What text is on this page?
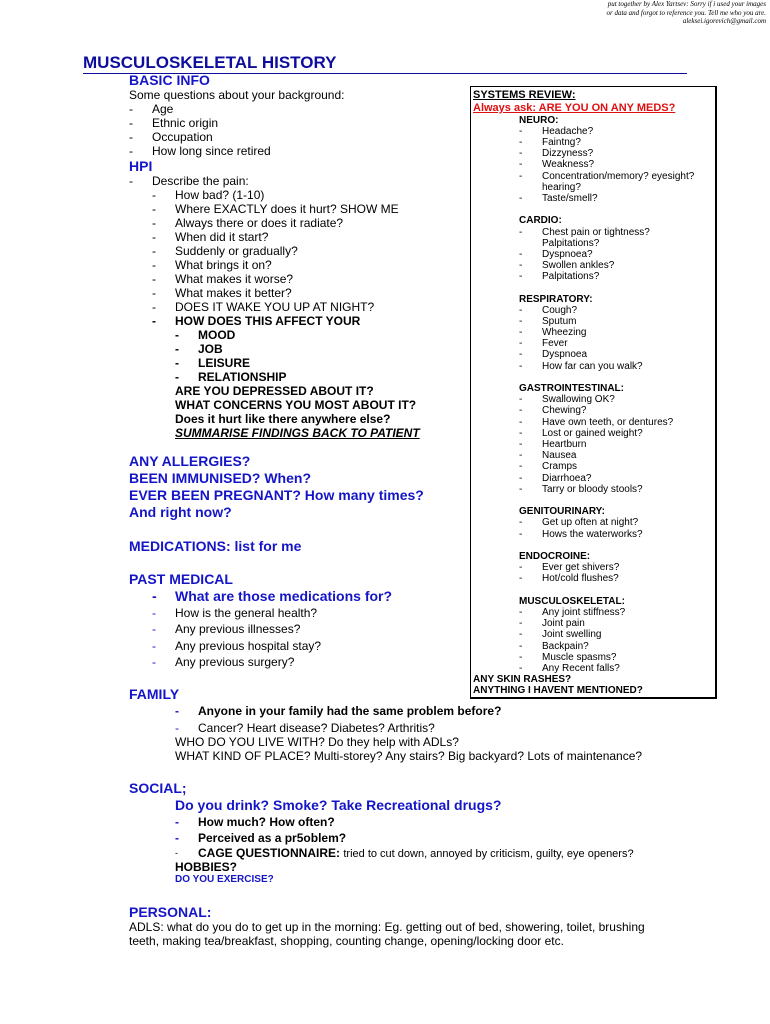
put together by Alex Yartsev: Sorry if i used your images
or data and forgot to reference you. Tell me who you are.
aleksei.igorevich@gmail.com
MUSCULOSKELETAL HISTORY
BASIC INFO
Some questions about your background:
- Age
- Ethnic origin
- Occupation
- How long since retired
HPI
- Describe the pain:
- How bad? (1-10)
- Where EXACTLY does it hurt? SHOW ME
- Always there or does it radiate?
- When did it start?
- Suddenly or gradually?
- What brings it on?
- What makes it worse?
- What makes it better?
- DOES IT WAKE YOU UP AT NIGHT?
- HOW DOES THIS AFFECT YOUR
- MOOD
- JOB
- LEISURE
- RELATIONSHIP
ARE YOU DEPRESSED ABOUT IT?
WHAT CONCERNS YOU MOST ABOUT IT?
Does it hurt like there anywhere else?
SUMMARISE FINDINGS BACK TO PATIENT
ANY ALLERGIES?
BEEN IMMUNISED? When?
EVER BEEN PREGNANT? How many times?
And right now?
MEDICATIONS: list for me
PAST MEDICAL
- What are those medications for?
- How is the general health?
- Any previous illnesses?
- Any previous hospital stay?
- Any previous surgery?
FAMILY
- Anyone in your family had the same problem before?
- Cancer? Heart disease? Diabetes? Arthritis?
WHO DO YOU LIVE WITH? Do they help with ADLs?
WHAT KIND OF PLACE? Multi-storey? Any stairs? Big backyard? Lots of maintenance?
SOCIAL;
Do you drink? Smoke? Take Recreational drugs?
- How much? How often?
- Perceived as a pr5oblem?
- CAGE QUESTIONNAIRE: tried to cut down, annoyed by criticism, guilty, eye openers?
HOBBIES?
DO YOU EXERCISE?
PERSONAL:
ADLS: what do you do to get up in the morning: Eg. getting out of bed, showering, toilet, brushing
teeth, making tea/breakfast, shopping, counting change, opening/locking door etc.
SYSTEMS REVIEW:
Always ask: ARE YOU ON ANY MEDS?
NEURO:
- Headache?
- Faintng?
- Dizzyness?
- Weakness?
- Concentration/memory? eyesight?
hearing?
- Taste/smell?
CARDIO:
- Chest pain or tightness?
Palpitations?
- Dyspnoea?
- Swollen ankles?
- Palpitations?
RESPIRATORY:
- Cough?
- Sputum
- Wheezing
- Fever
- Dyspnoea
- How far can you walk?
GASTROINTESTINAL:
- Swallowing OK?
- Chewing?
- Have own teeth, or dentures?
- Lost or gained weight?
- Heartburn
- Nausea
- Cramps
- Diarrhoea?
- Tarry or bloody stools?
GENITOURINARY:
- Get up often at night?
- Hows the waterworks?
ENDOCROINE:
- Ever get shivers?
- Hot/cold flushes?
MUSCULOSKELETAL:
- Any joint stiffness?
- Joint pain
- Joint swelling
- Backpain?
- Muscle spasms?
- Any Recent falls?
ANY SKIN RASHES?
ANYTHING I HAVENT MENTIONED?
